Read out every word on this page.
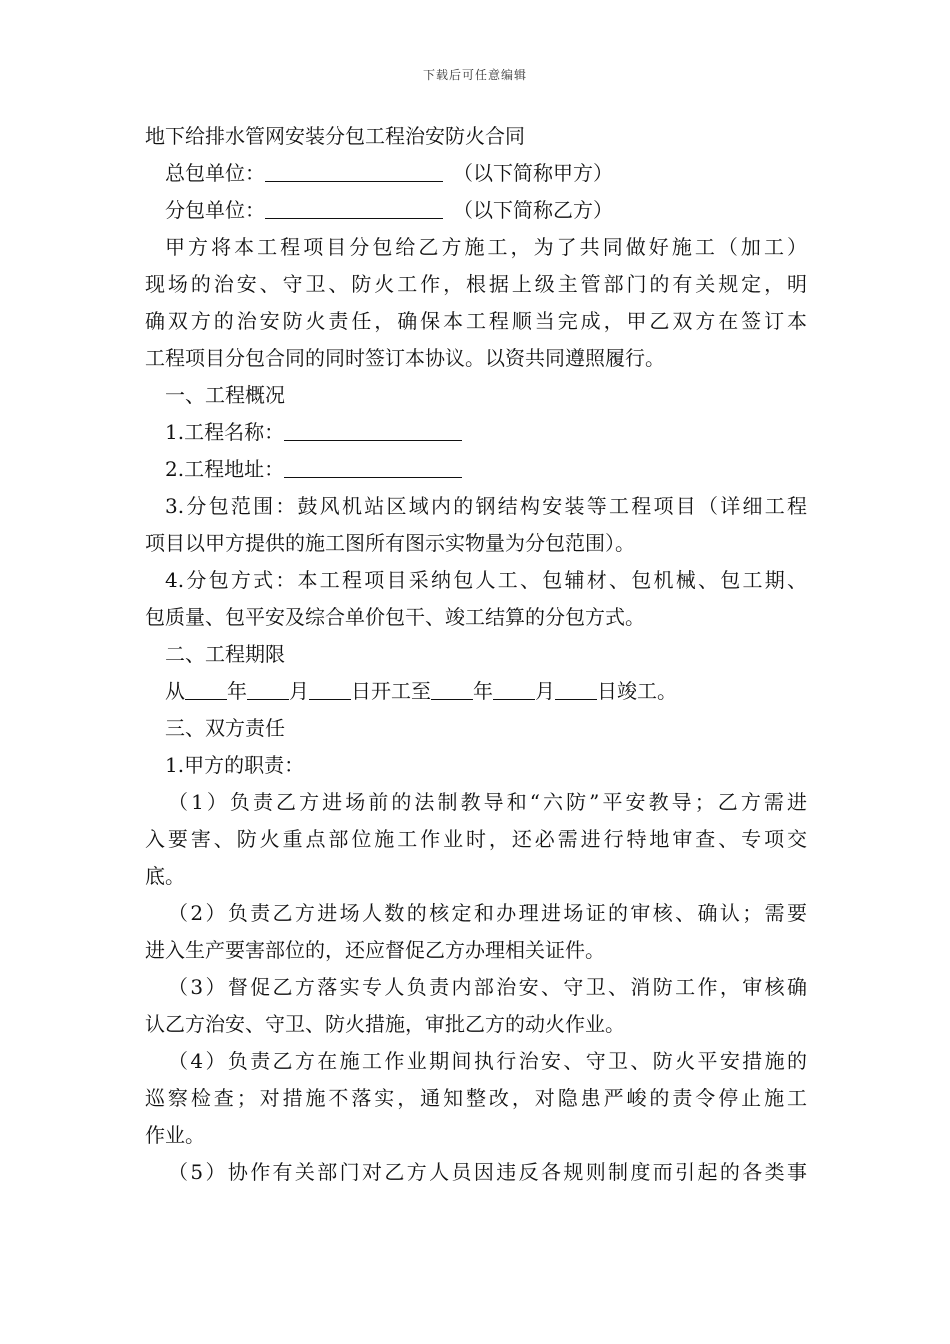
下载后可任意编辑
地下给排水管网安装分包工程治安防火合同
总包单位：	（以下简称甲方）
分包单位：	（以下简称乙方）
甲方将本工程项目分包给乙方施工，为了共同做好施工（加工）
现场的治安、守卫、防火工作，根据上级主管部门的有关规定，明
确双方的治安防火责任，确保本工程顺当完成，甲乙双方在签订本
工程项目分包合同的同时签订本协议。以资共同遵照履行。
一、工程概况
1.工程名称：
2.工程地址：
3.分包范围：鼓风机站区域内的钢结构安装等工程项目（详细工程
项目以甲方提供的施工图所有图示实物量为分包范围）。
4.分包方式：本工程项目采纳包人工、包辅材、包机械、包工期、
包质量、包平安及综合单价包干、竣工结算的分包方式。
二、工程期限
从 年 月 日开工至 年 月 日竣工。
三、双方责任
1.甲方的职责：
（1）负责乙方进场前的法制教导和“六防”平安教导；乙方需进
入要害、防火重点部位施工作业时，还必需进行特地审查、专项交
底。
（2）负责乙方进场人数的核定和办理进场证的审核、确认；需要
进入生产要害部位的，还应督促乙方办理相关证件。
（3）督促乙方落实专人负责内部治安、守卫、消防工作，审核确
认乙方治安、守卫、防火措施，审批乙方的动火作业。
（4）负责乙方在施工作业期间执行治安、守卫、防火平安措施的
巡察检查；对措施不落实，通知整改，对隐患严峻的责令停止施工
作业。
（5）协作有关部门对乙方人员因违反各规则制度而引起的各类事
